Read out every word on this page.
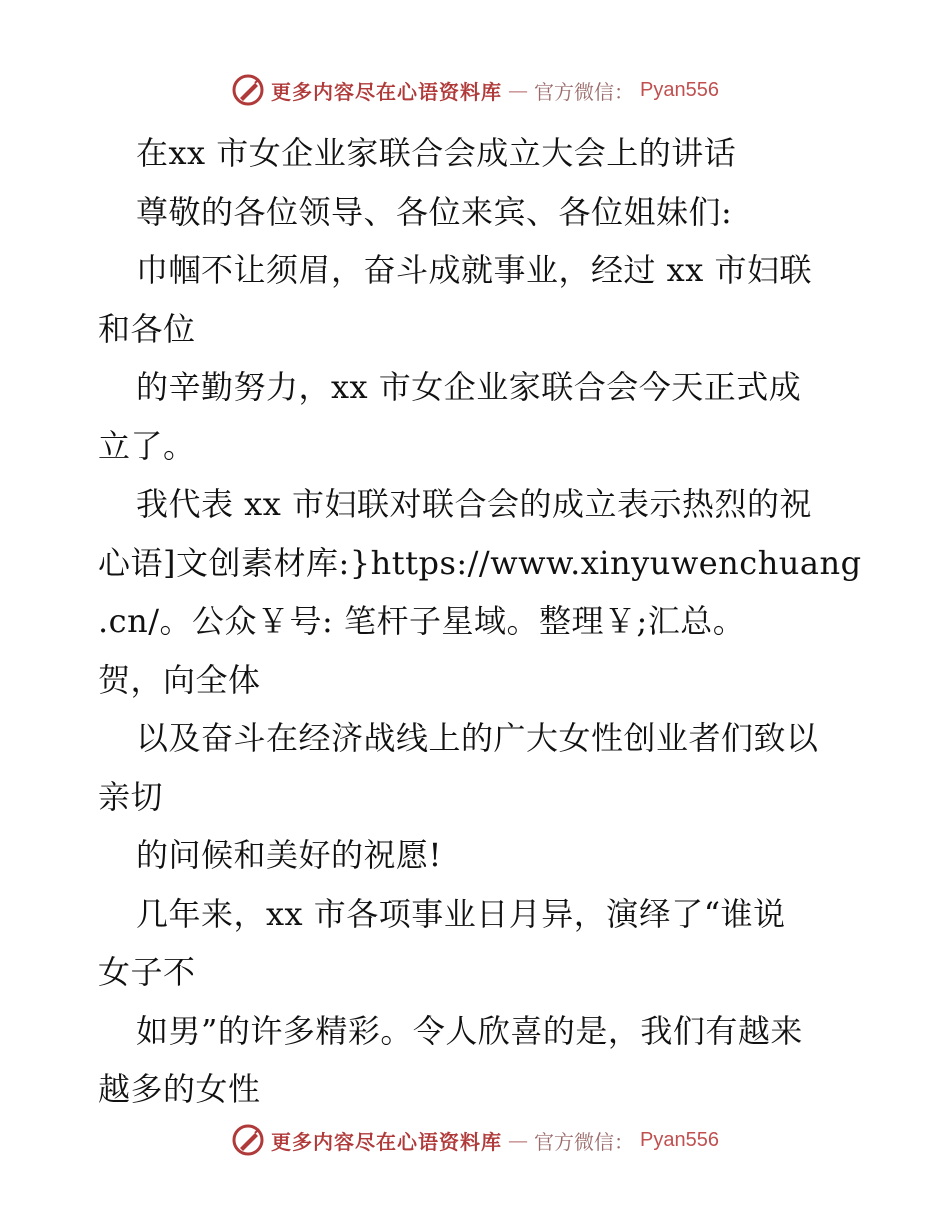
更多内容尽在心语资料库 — 官方微信： Pyan556
在xx 市女企业家联合会成立大会上的讲话
尊敬的各位领导、各位来宾、各位姐妹们:
巾帼不让须眉，奋斗成就事业，经过 xx 市妇联
和各位
的辛勤努力，xx 市女企业家联合会今天正式成
立了。
我代表 xx 市妇联对联合会的成立表示热烈的祝
心语]文创素材库:}https://www.xinyuwenchuang
.cn/。公众￥号: 笔杆子星域。整理￥;汇总。
贺，向全体
以及奋斗在经济战线上的广大女性创业者们致以
亲切
的问候和美好的祝愿!
几年来，xx 市各项事业日月异，演绎了“谁说
女子不
如男”的许多精彩。令人欣喜的是，我们有越来
越多的女性
更多内容尽在心语资料库 — 官方微信： Pyan556
